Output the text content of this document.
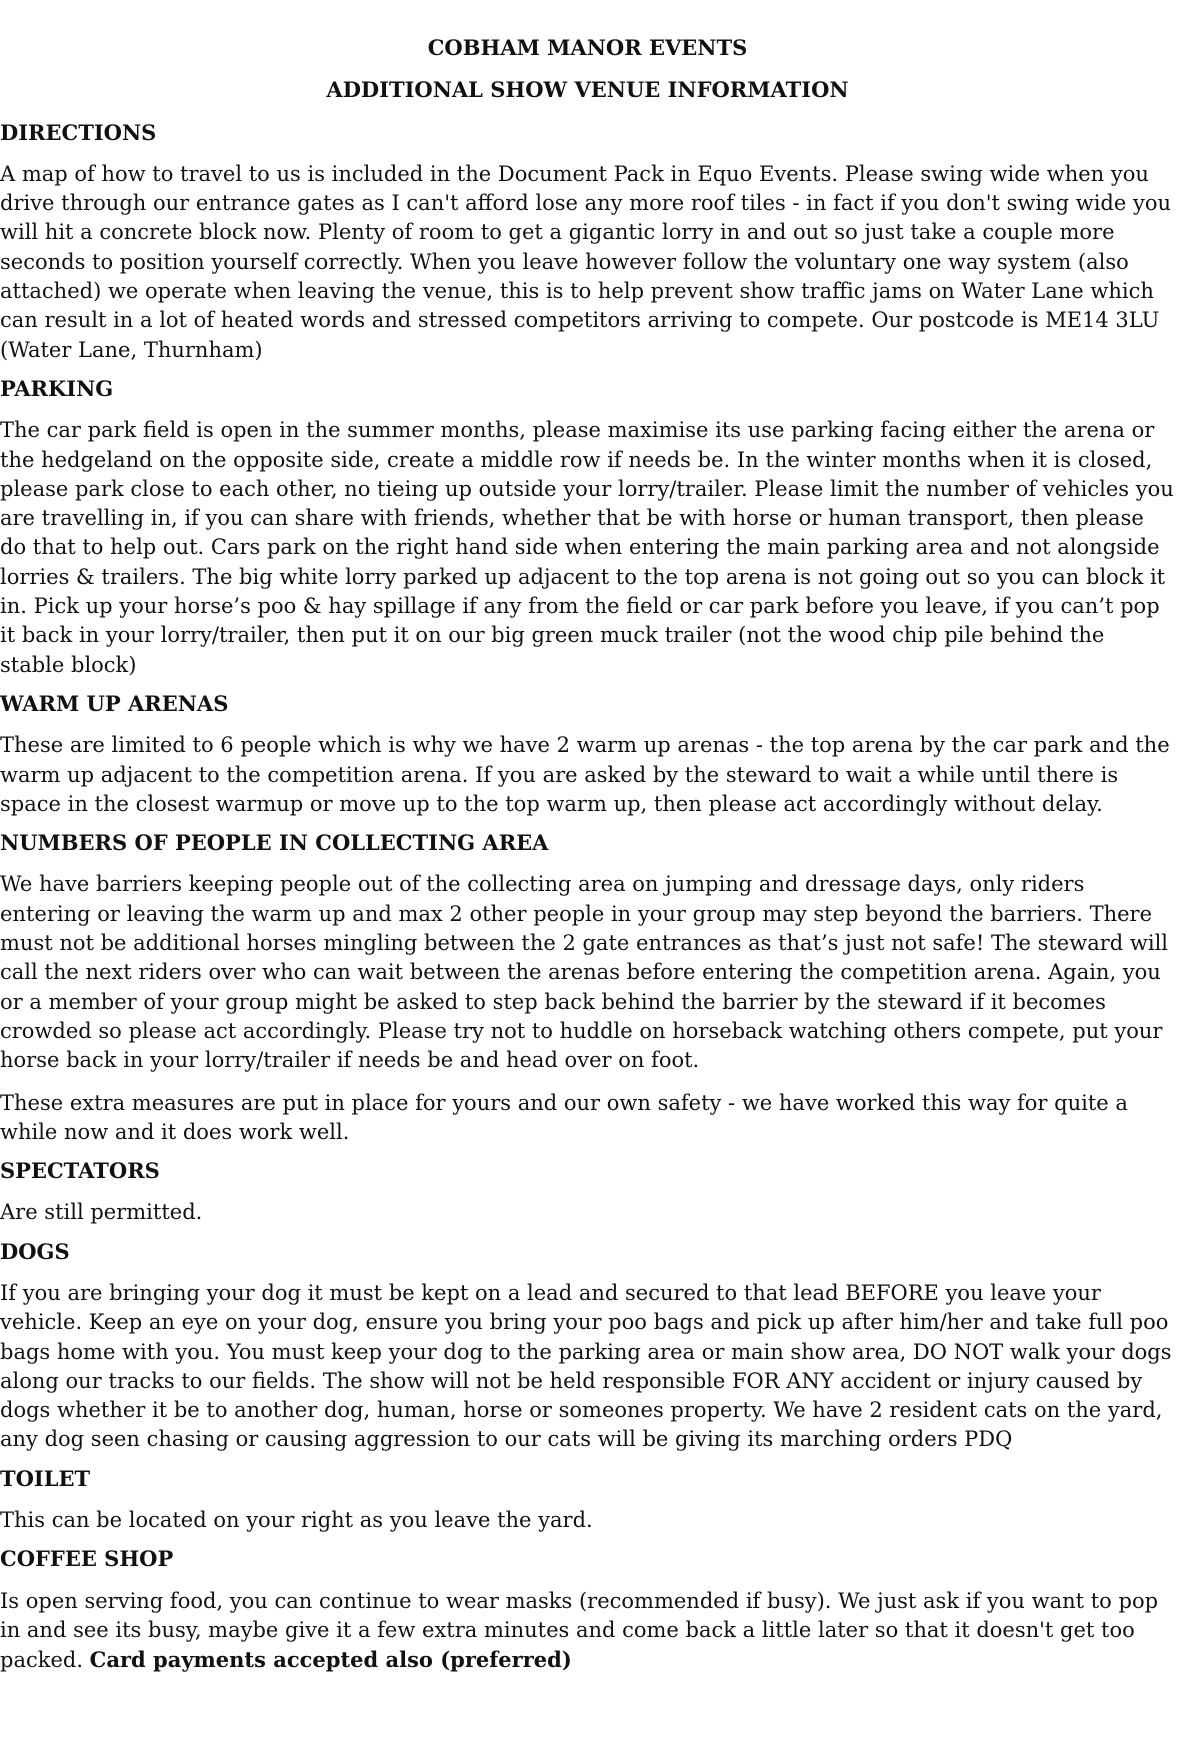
COBHAM MANOR EVENTS
ADDITIONAL SHOW VENUE INFORMATION
DIRECTIONS
A map of how to travel to us is included in the Document Pack in Equo Events. Please swing wide when you drive through our entrance gates as I can't afford lose any more roof tiles - in fact if you don't swing wide you will hit a concrete block now. Plenty of room to get a gigantic lorry in and out so just take a couple more seconds to position yourself correctly. When you leave however follow the voluntary one way system (also attached) we operate when leaving the venue, this is to help prevent show traffic jams on Water Lane which can result in a lot of heated words and stressed competitors arriving to compete. Our postcode is ME14 3LU (Water Lane, Thurnham)
PARKING
The car park field is open in the summer months, please maximise its use parking facing either the arena or the hedgeland on the opposite side, create a middle row if needs be. In the winter months when it is closed, please park close to each other, no tieing up outside your lorry/trailer. Please limit the number of vehicles you are travelling in, if you can share with friends, whether that be with horse or human transport, then please do that to help out. Cars park on the right hand side when entering the main parking area and not alongside lorries & trailers. The big white lorry parked up adjacent to the top arena is not going out so you can block it in. Pick up your horse’s poo & hay spillage if any from the field or car park before you leave, if you can’t pop it back in your lorry/trailer, then put it on our big green muck trailer (not the wood chip pile behind the stable block)
WARM UP ARENAS
These are limited to 6 people which is why we have 2 warm up arenas - the top arena by the car park and the warm up adjacent to the competition arena. If you are asked by the steward to wait a while until there is space in the closest warmup or move up to the top warm up, then please act accordingly without delay.
NUMBERS OF PEOPLE IN COLLECTING AREA
We have barriers keeping people out of the collecting area on jumping and dressage days, only riders entering or leaving the warm up and max 2 other people in your group may step beyond the barriers. There must not be additional horses mingling between the 2 gate entrances as that’s just not safe! The steward will call the next riders over who can wait between the arenas before entering the competition arena. Again, you or a member of your group might be asked to step back behind the barrier by the steward if it becomes crowded so please act accordingly. Please try not to huddle on horseback watching others compete, put your horse back in your lorry/trailer if needs be and head over on foot.
These extra measures are put in place for yours and our own safety - we have worked this way for quite a while now and it does work well.
SPECTATORS
Are still permitted.
DOGS
If you are bringing your dog it must be kept on a lead and secured to that lead BEFORE you leave your vehicle. Keep an eye on your dog, ensure you bring your poo bags and pick up after him/her and take full poo bags home with you. You must keep your dog to the parking area or main show area, DO NOT walk your dogs along our tracks to our fields. The show will not be held responsible FOR ANY accident or injury caused by dogs whether it be to another dog, human, horse or someones property. We have 2 resident cats on the yard, any dog seen chasing or causing aggression to our cats will be giving its marching orders PDQ
TOILET
This can be located on your right as you leave the yard.
COFFEE SHOP
Is open serving food, you can continue to wear masks (recommended if busy). We just ask if you want to pop in and see its busy, maybe give it a few extra minutes and come back a little later so that it doesn't get too packed. Card payments accepted also (preferred)
